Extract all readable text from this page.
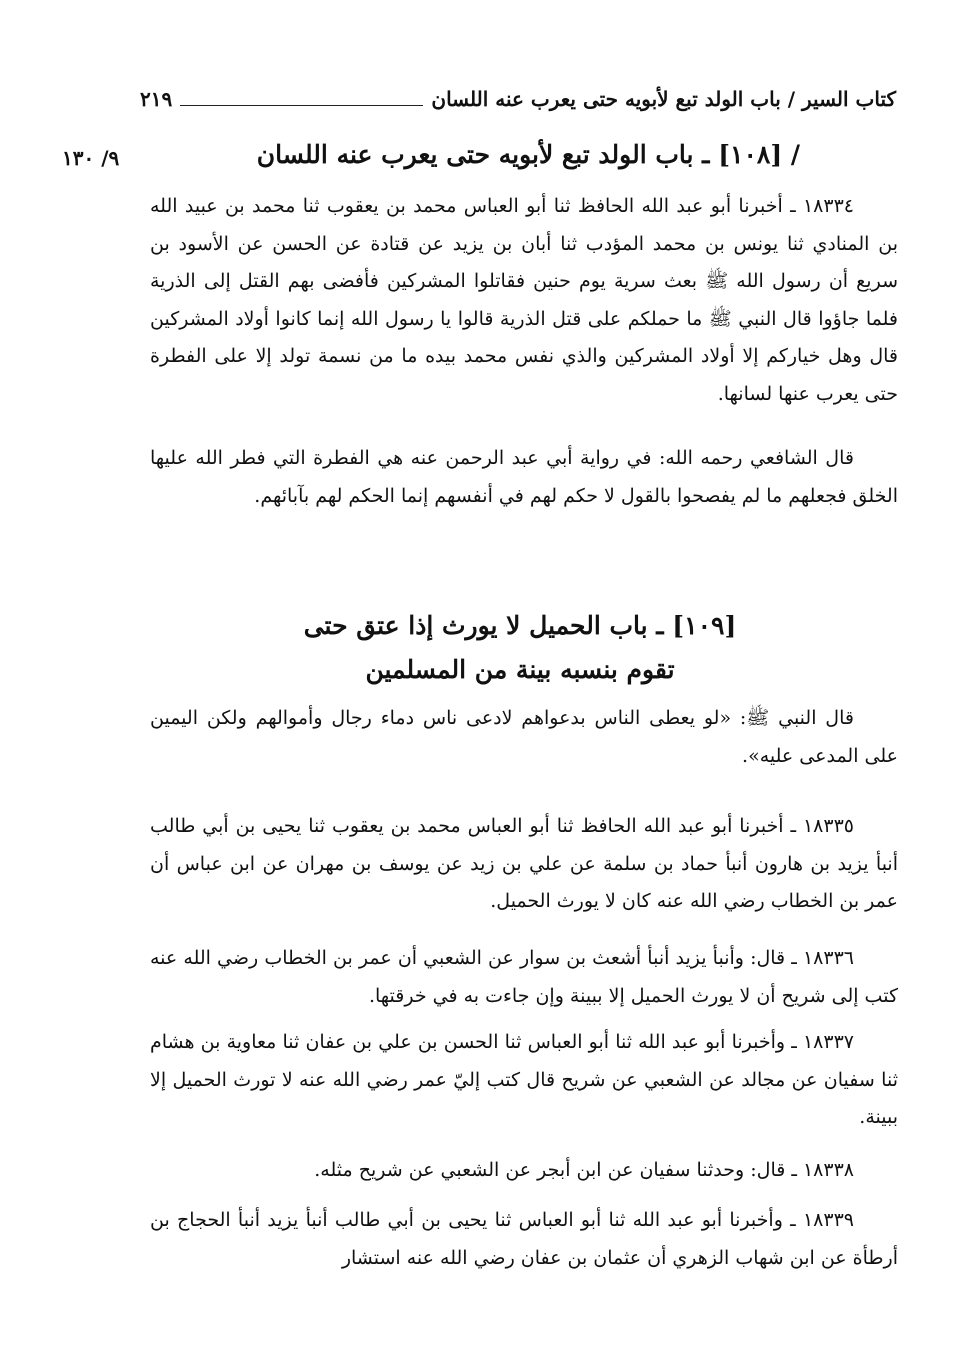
كتاب السير / باب الولد تبع لأبويه حتى يعرب عنه اللسان
٢١٩
٩/ ١٣٠	/ [١٠٨] ـ باب الولد تبع لأبويه حتى يعرب عنه اللسان

١٨٣٣٤ ـ أخبرنا أبو عبد الله الحافظ ثنا أبو العباس محمد بن يعقوب ثنا محمد بن عبيد الله بن المنادي ثنا يونس بن محمد المؤدب ثنا أبان بن يزيد عن قتادة عن الحسن عن الأسود بن سريع أن رسول الله ﷺ بعث سرية يوم حنين فقاتلوا المشركين فأفضى بهم القتل إلى الذرية فلما جاؤوا قال النبي ﷺ ما حملكم على قتل الذرية قالوا يا رسول الله إنما كانوا أولاد المشركين قال وهل خياركم إلا أولاد المشركين والذي نفس محمد بيده ما من نسمة تولد إلا على الفطرة حتى يعرب عنها لسانها.

قال الشافعي رحمه الله: في رواية أبي عبد الرحمن عنه هي الفطرة التي فطر الله عليها الخلق فجعلهم ما لم يفصحوا بالقول لا حكم لهم في أنفسهم إنما الحكم لهم بآبائهم.

[١٠٩] ـ باب الحميل لا يورث إذا عتق حتى
تقوم بنسبه بينة من المسلمين

قال النبي ﷺ: «لو يعطى الناس بدعواهم لادعى ناس دماء رجال وأموالهم ولكن اليمين على المدعى عليه».

١٨٣٣٥ ـ أخبرنا أبو عبد الله الحافظ ثنا أبو العباس محمد بن يعقوب ثنا يحيى بن أبي طالب أنبأ يزيد بن هارون أنبأ حماد بن سلمة عن علي بن زيد عن يوسف بن مهران عن ابن عباس أن عمر بن الخطاب رضي الله عنه كان لا يورث الحميل.

١٨٣٣٦ ـ قال: وأنبأ يزيد أنبأ أشعث بن سوار عن الشعبي أن عمر بن الخطاب رضي الله عنه كتب إلى شريح أن لا يورث الحميل إلا ببينة وإن جاءت به في خرقتها.

١٨٣٣٧ ـ وأخبرنا أبو عبد الله ثنا أبو العباس ثنا الحسن بن علي بن عفان ثنا معاوية بن هشام ثنا سفيان عن مجالد عن الشعبي عن شريح قال كتب إليّ عمر رضي الله عنه لا تورث الحميل إلا ببينة.

١٨٣٣٨ ـ قال: وحدثنا سفيان عن ابن أبجر عن الشعبي عن شريح مثله.

١٨٣٣٩ ـ وأخبرنا أبو عبد الله ثنا أبو العباس ثنا يحيى بن أبي طالب أنبأ يزيد أنبأ الحجاج بن أرطأة عن ابن شهاب الزهري أن عثمان بن عفان رضي الله عنه استشار
